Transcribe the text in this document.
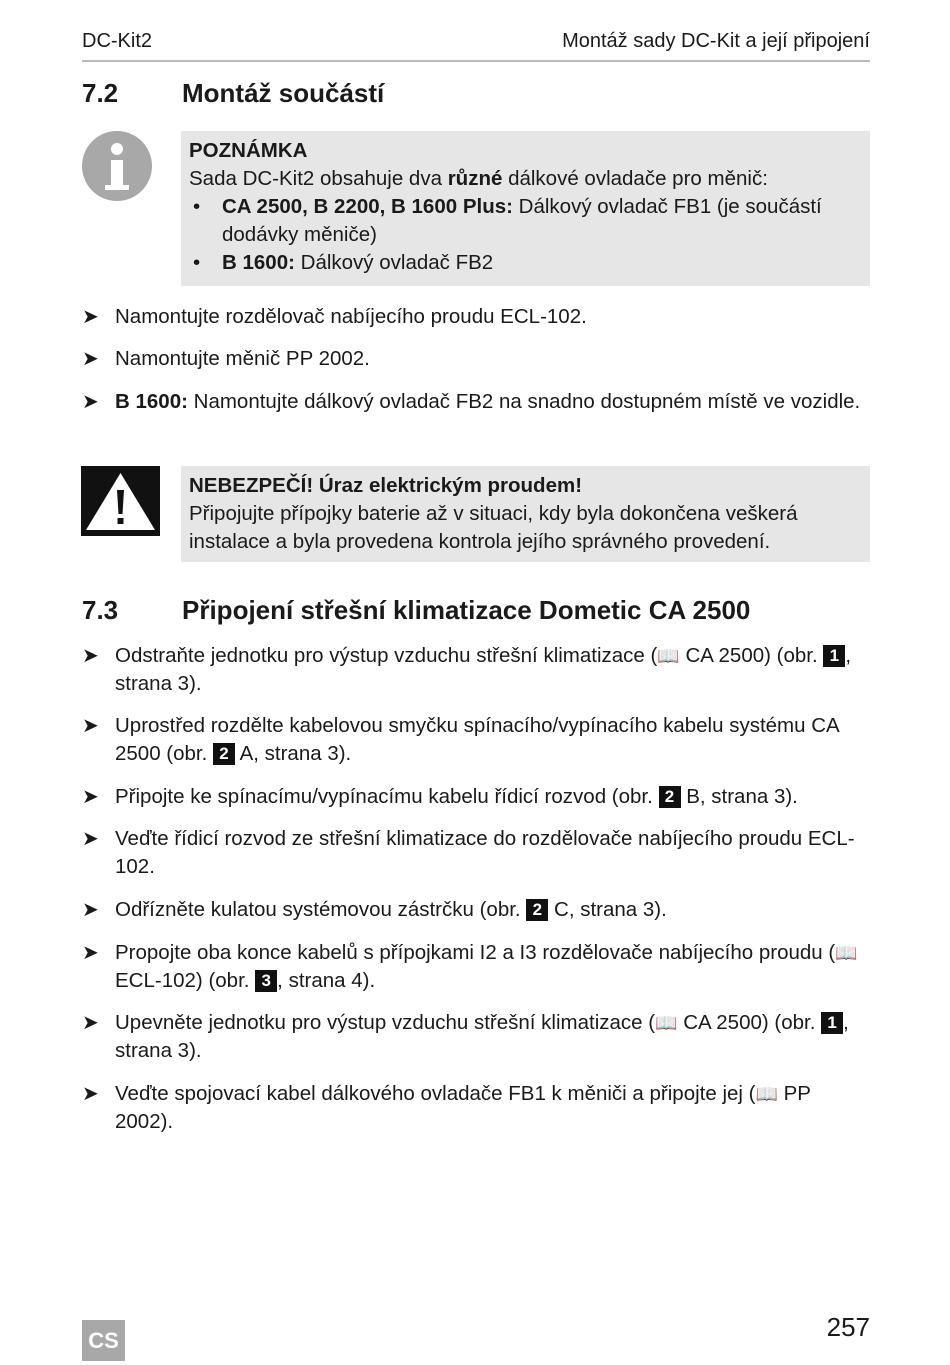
DC-Kit2	Montáž sady DC-Kit a její připojení
7.2 Montáž součástí
POZNÁMKA
Sada DC-Kit2 obsahuje dva různé dálkové ovladače pro měnič:
• CA 2500, B 2200, B 1600 Plus: Dálkový ovladač FB1 (je součástí dodávky měniče)
• B 1600: Dálkový ovladač FB2
➤ Namontujte rozdělovač nabíjecího proudu ECL-102.
➤ Namontujte měnič PP 2002.
➤ B 1600: Namontujte dálkový ovladač FB2 na snadno dostupném místě ve vozidle.
NEBEZPEČÍ! Úraz elektrickým proudem!
Připojujte přípojky baterie až v situaci, kdy byla dokončena veškerá instalace a byla provedena kontrola jejího správného provedení.
7.3 Připojení střešní klimatizace Dometic CA 2500
➤ Odstraňte jednotku pro výstup vzduchu střešní klimatizace (📖 CA 2500) (obr. 1 , strana 3).
➤ Uprostřed rozdělte kabelovou smyčku spínacího/vypínacího kabelu systému CA 2500 (obr. 2 A, strana 3).
➤ Připojte ke spínacímu/vypínacímu kabelu řídicí rozvod (obr. 2 B, strana 3).
➤ Veďte řídicí rozvod ze střešní klimatizace do rozdělovače nabíjecího proudu ECL-102.
➤ Odřízněte kulatou systémovou zástrčku (obr. 2 C, strana 3).
➤ Propojte oba konce kabelů s přípojkami I2 a I3 rozdělovače nabíjecího proudu (📖 ECL-102) (obr. 3 , strana 4).
➤ Upevněte jednotku pro výstup vzduchu střešní klimatizace (📖 CA 2500) (obr. 1 , strana 3).
➤ Veďte spojovací kabel dálkového ovladače FB1 k měniči a připojte jej (📖 PP 2002).
CS	257
